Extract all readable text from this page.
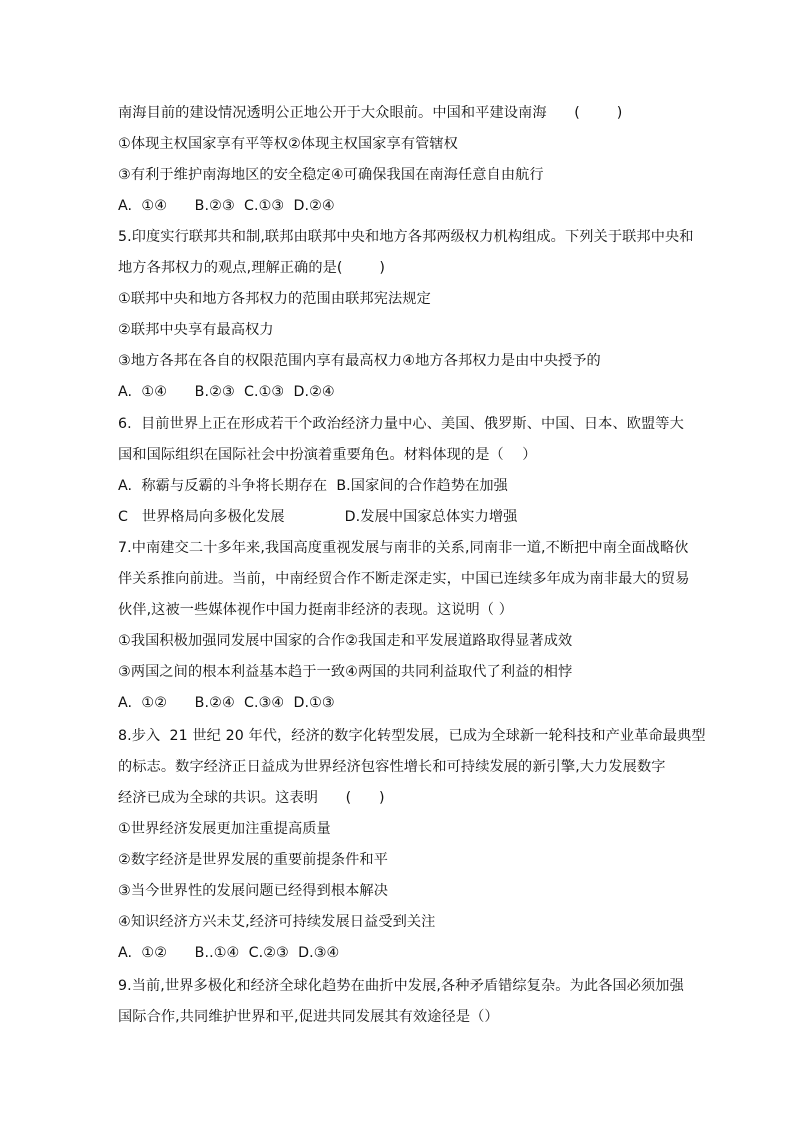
南海目前的建设情况透明公正地公开于大众眼前。中国和平建设南海      (        )
①体现主权国家享有平等权②体现主权国家享有管辖权
③有利于维护南海地区的安全稳定④可确保我国在南海任意自由航行
A.  ①④      B.②③  C.①③  D.②④
5.印度实行联邦共和制,联邦由联邦中央和地方各邦两级权力机构组成。下列关于联邦中央和
地方各邦权力的观点,理解正确的是(        )
①联邦中央和地方各邦权力的范围由联邦宪法规定
②联邦中央享有最高权力
③地方各邦在各自的权限范围内享有最高权力④地方各邦权力是由中央授予的
A.  ①④      B.②③  C.①③  D.②④
6.  目前世界上正在形成若干个政治经济力量中心、美国、俄罗斯、中国、日本、欧盟等大
国和国际组织在国际社会中扮演着重要角色。材料体现的是（    ）
A.  称霸与反霸的斗争将长期存在  B.国家间的合作趋势在加强
C   世界格局向多极化发展             D.发展中国家总体实力增强
7.中南建交二十多年来,我国高度重视发展与南非的关系,同南非一道,不断把中南全面战略伙
伴关系推向前进。当前，中南经贸合作不断走深走实，中国已连续多年成为南非最大的贸易
伙伴,这被一些媒体视作中国力挺南非经济的表现。这说明（ ）
①我国积极加强同发展中国家的合作②我国走和平发展道路取得显著成效
③两国之间的根本利益基本趋于一致④两国的共同利益取代了利益的相悖
A.  ①②      B.②④  C.③④  D.①③
8.步入  21 世纪 20 年代，经济的数字化转型发展，已成为全球新一轮科技和产业革命最典型
的标志。数字经济正日益成为世界经济包容性增长和可持续发展的新引擎,大力发展数字
经济已成为全球的共识。这表明      (      )
①世界经济发展更加注重提高质量
②数字经济是世界发展的重要前提条件和平
③当今世界性的发展问题已经得到根本解决
④知识经济方兴未艾,经济可持续发展日益受到关注
A.  ①②      B..①④  C.②③  D.③④
9.当前,世界多极化和经济全球化趋势在曲折中发展,各种矛盾错综复杂。为此各国必须加强
国际合作,共同维护世界和平,促进共同发展其有效途径是（）
